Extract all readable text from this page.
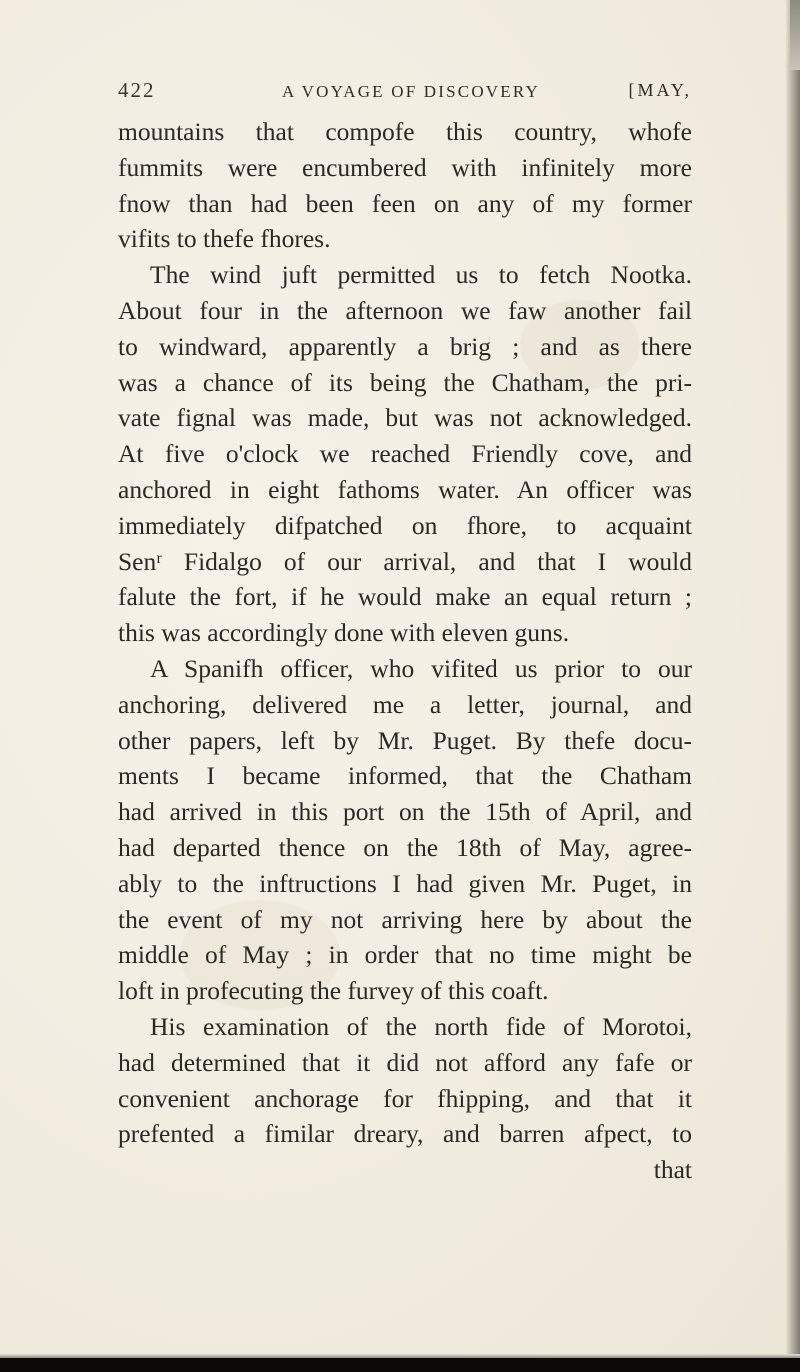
422	A VOYAGE OF DISCOVERY	[MAY,
mountains that compofe this country, whofe
fummits were encumbered with infinitely more
fnow than had been feen on any of my former
vifits to thefe fhores.
The wind juft permitted us to fetch Nootka.
About four in the afternoon we faw another fail
to windward, apparently a brig ; and as there
was a chance of its being the Chatham, the pri-
vate fignal was made, but was not acknowledged.
At five o'clock we reached Friendly cove, and
anchored in eight fathoms water. An officer was
immediately difpatched on fhore, to acquaint
Senʳ Fidalgo of our arrival, and that I would
falute the fort, if he would make an equal return ;
this was accordingly done with eleven guns.
A Spanifh officer, who vifited us prior to our
anchoring, delivered me a letter, journal, and
other papers, left by Mr. Puget. By thefe docu-
ments I became informed, that the Chatham
had arrived in this port on the 15th of April, and
had departed thence on the 18th of May, agree-
ably to the inftructions I had given Mr. Puget, in
the event of my not arriving here by about the
middle of May ; in order that no time might be
loft in profecuting the furvey of this coaft.
His examination of the north fide of Morotoi,
had determined that it did not afford any fafe or
convenient anchorage for fhipping, and that it
prefented a fimilar dreary, and barren afpect, to
that
